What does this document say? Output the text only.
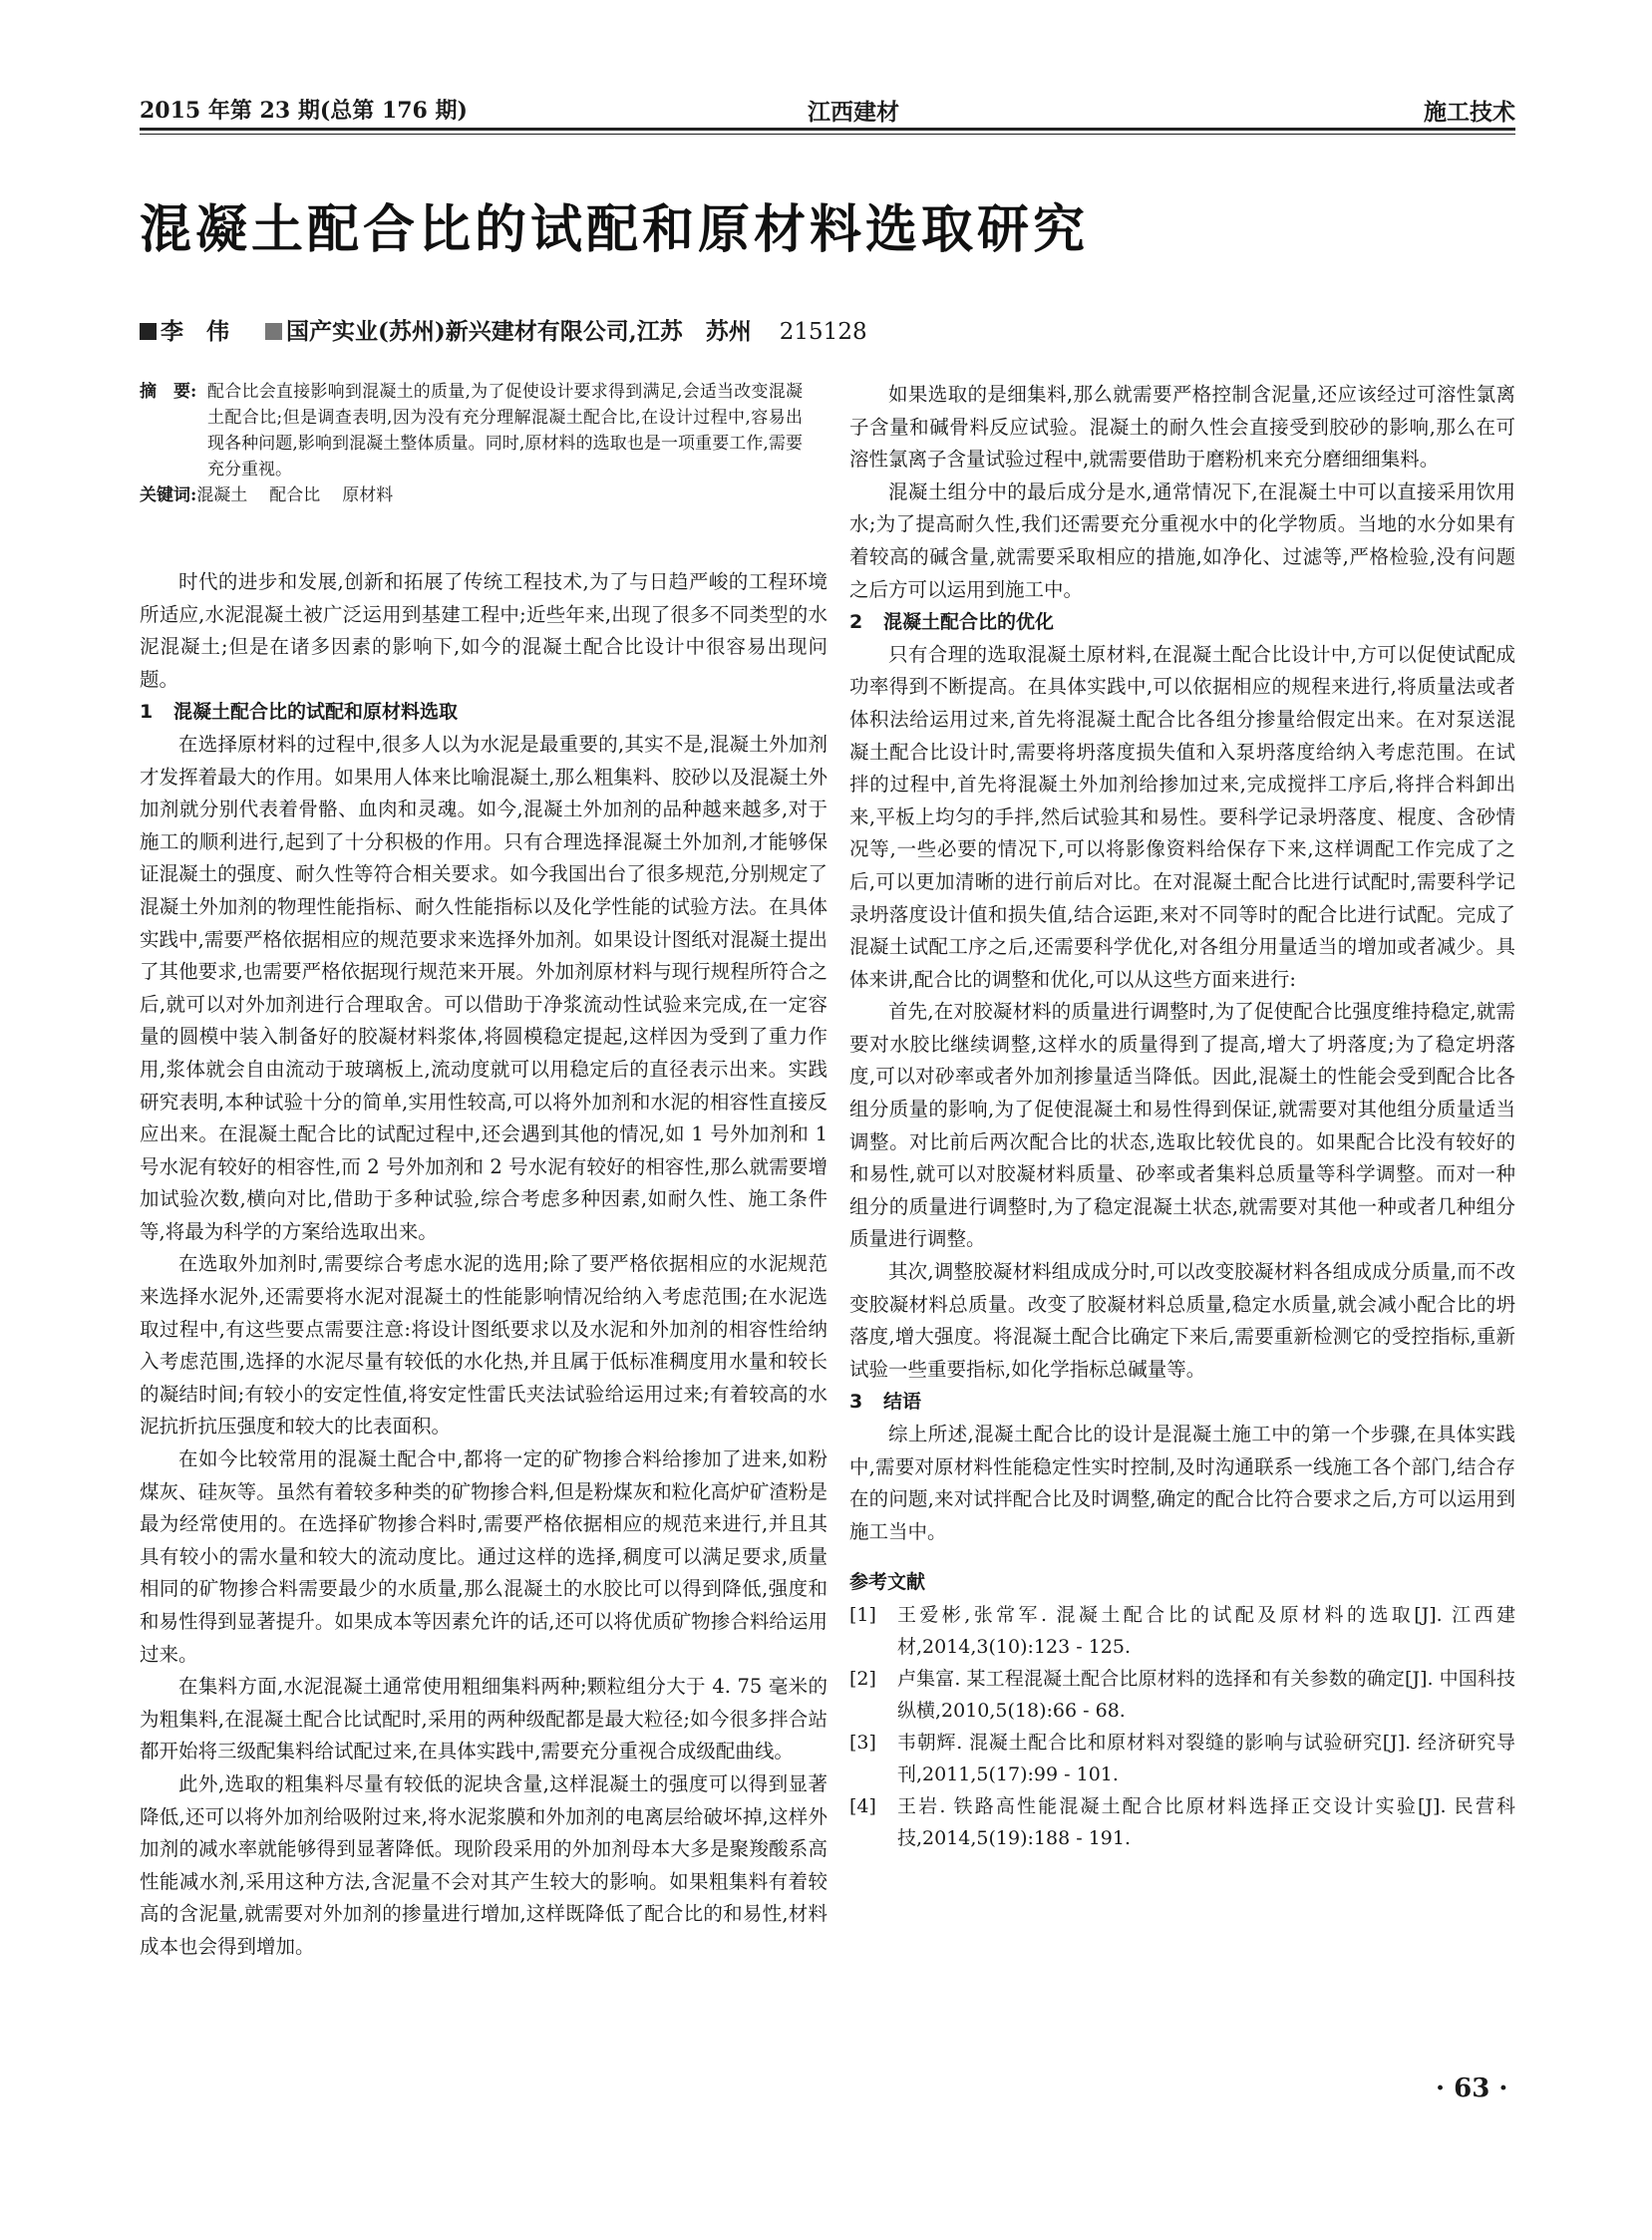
2015 年第 23 期(总第 176 期)	江西建材	施工技术
混凝土配合比的试配和原材料选取研究
李　伟 国产实业(苏州)新兴建材有限公司,江苏　苏州 215128
摘　要: 配合比会直接影响到混凝土的质量,为了促使设计要求得到满足,会适当改变混凝土配合比;但是调查表明,因为没有充分理解混凝土配合比,在设计过程中,容易出现各种问题,影响到混凝土整体质量。同时,原材料的选取也是一项重要工作,需要充分重视。
关键词: 混凝土 配合比 原材料

时代的进步和发展,创新和拓展了传统工程技术,为了与日趋严峻的工程环境所适应,水泥混凝土被广泛运用到基建工程中;近些年来,出现了很多不同类型的水泥混凝土;但是在诸多因素的影响下,如今的混凝土配合比设计中很容易出现问题。

1 混凝土配合比的试配和原材料选取

在选择原材料的过程中,很多人以为水泥是最重要的,其实不是,混凝土外加剂才发挥着最大的作用。如果用人体来比喻混凝土,那么粗集料、胶砂以及混凝土外加剂就分别代表着骨骼、血肉和灵魂。如今,混凝土外加剂的品种越来越多,对于施工的顺利进行,起到了十分积极的作用。只有合理选择混凝土外加剂,才能够保证混凝土的强度、耐久性等符合相关要求。如今我国出台了很多规范,分别规定了混凝土外加剂的物理性能指标、耐久性能指标以及化学性能的试验方法。在具体实践中,需要严格依据相应的规范要求来选择外加剂。如果设计图纸对混凝土提出了其他要求,也需要严格依据现行规范来开展。外加剂原材料与现行规程所符合之后,就可以对外加剂进行合理取舍。可以借助于净浆流动性试验来完成,在一定容量的圆模中装入制备好的胶凝材料浆体,将圆模稳定提起,这样因为受到了重力作用,浆体就会自由流动于玻璃板上,流动度就可以用稳定后的直径表示出来。实践研究表明,本种试验十分的简单,实用性较高,可以将外加剂和水泥的相容性直接反应出来。在混凝土配合比的试配过程中,还会遇到其他的情况,如 1 号外加剂和 1 号水泥有较好的相容性,而 2 号外加剂和 2 号水泥有较好的相容性,那么就需要增加试验次数,横向对比,借助于多种试验,综合考虑多种因素,如耐久性、施工条件等,将最为科学的方案给选取出来。

在选取外加剂时,需要综合考虑水泥的选用;除了要严格依据相应的水泥规范来选择水泥外,还需要将水泥对混凝土的性能影响情况给纳入考虑范围;在水泥选取过程中,有这些要点需要注意:将设计图纸要求以及水泥和外加剂的相容性给纳入考虑范围,选择的水泥尽量有较低的水化热,并且属于低标准稠度用水量和较长的凝结时间;有较小的安定性值,将安定性雷氏夹法试验给运用过来;有着较高的水泥抗折抗压强度和较大的比表面积。

在如今比较常用的混凝土配合中,都将一定的矿物掺合料给掺加了进来,如粉煤灰、硅灰等。虽然有着较多种类的矿物掺合料,但是粉煤灰和粒化高炉矿渣粉是最为经常使用的。在选择矿物掺合料时,需要严格依据相应的规范来进行,并且其具有较小的需水量和较大的流动度比。通过这样的选择,稠度可以满足要求,质量相同的矿物掺合料需要最少的水质量,那么混凝土的水胶比可以得到降低,强度和和易性得到显著提升。如果成本等因素允许的话,还可以将优质矿物掺合料给运用过来。

在集料方面,水泥混凝土通常使用粗细集料两种;颗粒组分大于 4. 75 毫米的为粗集料,在混凝土配合比试配时,采用的两种级配都是最大粒径;如今很多拌合站都开始将三级配集料给试配过来,在具体实践中,需要充分重视合成级配曲线。

此外,选取的粗集料尽量有较低的泥块含量,这样混凝土的强度可以得到显著降低,还可以将外加剂给吸附过来,将水泥浆膜和外加剂的电离层给破坏掉,这样外加剂的减水率就能够得到显著降低。现阶段采用的外加剂母本大多是聚羧酸系高性能减水剂,采用这种方法,含泥量不会对其产生较大的影响。如果粗集料有着较高的含泥量,就需要对外加剂的掺量进行增加,这样既降低了配合比的和易性,材料成本也会得到增加。

如果选取的是细集料,那么就需要严格控制含泥量,还应该经过可溶性氯离子含量和碱骨料反应试验。混凝土的耐久性会直接受到胶砂的影响,那么在可溶性氯离子含量试验过程中,就需要借助于磨粉机来充分磨细细集料。

混凝土组分中的最后成分是水,通常情况下,在混凝土中可以直接采用饮用水;为了提高耐久性,我们还需要充分重视水中的化学物质。当地的水分如果有着较高的碱含量,就需要采取相应的措施,如净化、过滤等,严格检验,没有问题之后方可以运用到施工中。

2 混凝土配合比的优化

只有合理的选取混凝土原材料,在混凝土配合比设计中,方可以促使试配成功率得到不断提高。在具体实践中,可以依据相应的规程来进行,将质量法或者体积法给运用过来,首先将混凝土配合比各组分掺量给假定出来。在对泵送混凝土配合比设计时,需要将坍落度损失值和入泵坍落度给纳入考虑范围。在试拌的过程中,首先将混凝土外加剂给掺加过来,完成搅拌工序后,将拌合料卸出来,平板上均匀的手拌,然后试验其和易性。要科学记录坍落度、棍度、含砂情况等,一些必要的情况下,可以将影像资料给保存下来,这样调配工作完成了之后,可以更加清晰的进行前后对比。在对混凝土配合比进行试配时,需要科学记录坍落度设计值和损失值,结合运距,来对不同等时的配合比进行试配。完成了混凝土试配工序之后,还需要科学优化,对各组分用量适当的增加或者减少。具体来讲,配合比的调整和优化,可以从这些方面来进行:

首先,在对胶凝材料的质量进行调整时,为了促使配合比强度维持稳定,就需要对水胶比继续调整,这样水的质量得到了提高,增大了坍落度;为了稳定坍落度,可以对砂率或者外加剂掺量适当降低。因此,混凝土的性能会受到配合比各组分质量的影响,为了促使混凝土和易性得到保证,就需要对其他组分质量适当调整。对比前后两次配合比的状态,选取比较优良的。如果配合比没有较好的和易性,就可以对胶凝材料质量、砂率或者集料总质量等科学调整。而对一种组分的质量进行调整时,为了稳定混凝土状态,就需要对其他一种或者几种组分质量进行调整。

其次,调整胶凝材料组成成分时,可以改变胶凝材料各组成成分质量,而不改变胶凝材料总质量。改变了胶凝材料总质量,稳定水质量,就会减小配合比的坍落度,增大强度。将混凝土配合比确定下来后,需要重新检测它的受控指标,重新试验一些重要指标,如化学指标总碱量等。

3 结语

综上所述,混凝土配合比的设计是混凝土施工中的第一个步骤,在具体实践中,需要对原材料性能稳定性实时控制,及时沟通联系一线施工各个部门,结合存在的问题,来对试拌配合比及时调整,确定的配合比符合要求之后,方可以运用到施工当中。

参考文献
[1]	王爱彬,张常军. 混凝土配合比的试配及原材料的选取[J]. 江西建材,2014,3(10):123 - 125.
[2]	卢集富. 某工程混凝土配合比原材料的选择和有关参数的确定[J]. 中国科技纵横,2010,5(18):66 - 68.
[3]	韦朝辉. 混凝土配合比和原材料对裂缝的影响与试验研究[J]. 经济研究导刊,2011,5(17):99 - 101.
[4]	王岩. 铁路高性能混凝土配合比原材料选择正交设计实验[J]. 民营科技,2014,5(19):188 - 191.
· 63 ·
